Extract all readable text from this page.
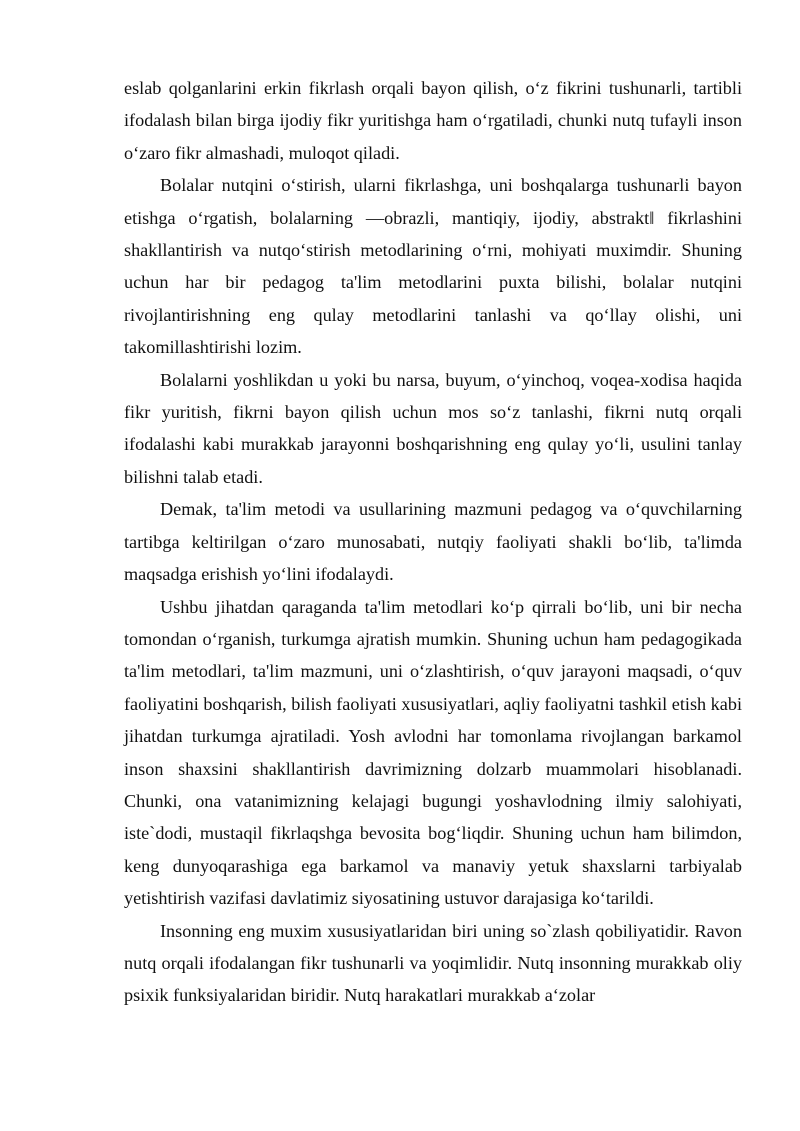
eslab qolganlarini erkin fikrlash orqali bayon qilish, o‘z fikrini tushunarli, tartibli ifodalash bilan birga ijodiy fikr yuritishga ham o‘rgatiladi, chunki nutq tufayli inson o‘zaro fikr almashadi, muloqot qiladi.

Bolalar nutqini o‘stirish, ularni fikrlashga, uni boshqalarga tushunarli bayon etishga o‘rgatish, bolalarning ―obrazli, mantiqiy, ijodiy, abstrakt‖ fikrlashini shakllantirish va nutqo‘stirish metodlarining o‘rni, mohiyati muximdir. Shuning uchun har bir pedagog ta'lim metodlarini puxta bilishi, bolalar nutqini rivojlantirishning eng qulay metodlarini tanlashi va qo‘llay olishi, uni takomillashtirishi lozim.

Bolalarni yoshlikdan u yoki bu narsa, buyum, o‘yinchoq, voqea-xodisa haqida fikr yuritish, fikrni bayon qilish uchun mos so‘z tanlashi, fikrni nutq orqali ifodalashi kabi murakkab jarayonni boshqarishning eng qulay yo‘li, usulini tanlay bilishni talab etadi.

Demak, ta'lim metodi va usullarining mazmuni pedagog va o‘quvchilarning tartibga keltirilgan o‘zaro munosabati, nutqiy faoliyati shakli bo‘lib, ta'limda maqsadga erishish yo‘lini ifodalaydi.

Ushbu jihatdan qaraganda ta'lim metodlari ko‘p qirrali bo‘lib, uni bir necha tomondan o‘rganish, turkumga ajratish mumkin. Shuning uchun ham pedagogikada ta'lim metodlari, ta'lim mazmuni, uni o‘zlashtirish, o‘quv jarayoni maqsadi, o‘quv faoliyatini boshqarish, bilish faoliyati xususiyatlari, aqliy faoliyatni tashkil etish kabi jihatdan turkumga ajratiladi. Yosh avlodni har tomonlama rivojlangan barkamol inson shaxsini shakllantirish davrimizning dolzarb muammolari hisoblanadi. Chunki, ona vatanimizning kelajagi bugungi yoshavlodning ilmiy salohiyati, iste`dodi, mustaqil fikrlaqshga bevosita bog‘liqdir. Shuning uchun ham bilimdon, keng dunyoqarashiga ega barkamol va manaviy yetuk shaxslarni tarbiyalab yetishtirish vazifasi davlatimiz siyosatining ustuvor darajasiga ko‘tarildi.

Insonning eng muxim xususiyatlaridan biri uning so`zlash qobiliyatidir. Ravon nutq orqali ifodalangan fikr tushunarli va yoqimlidir. Nutq insonning murakkab oliy psixik funksiyalaridan biridir. Nutq harakatlari murakkab a‘zolar
